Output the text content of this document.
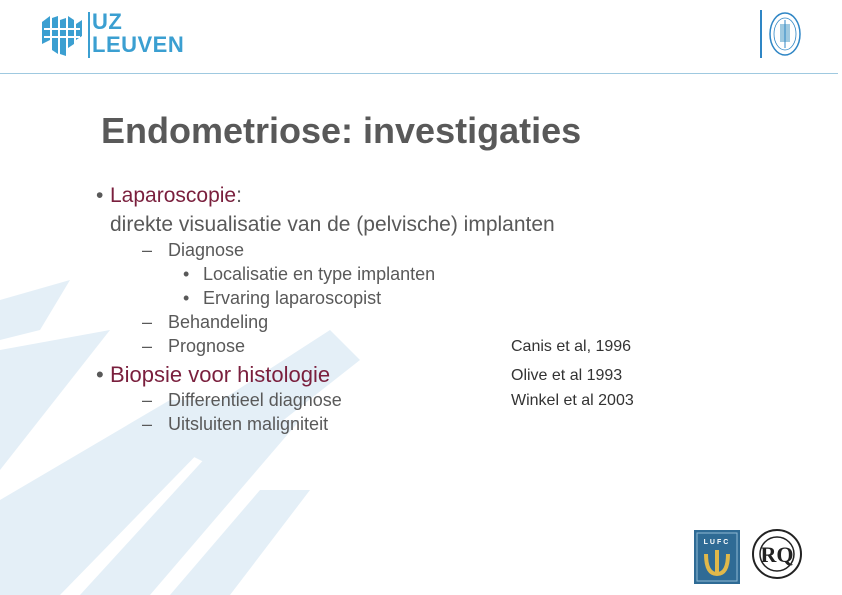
UZ
LEUVEN
Endometriose: investigaties
• Laparoscopie:
direkte visualisatie van de (pelvische) implanten
– Diagnose
• Localisatie en type implanten
• Ervaring laparoscopist
– Behandeling
– Prognose
• Biopsie voor histologie
– Differentieel diagnose
– Uitsluiten maligniteit
Canis et al, 1996
Olive et al 1993
Winkel et al 2003
LUFC RQ
